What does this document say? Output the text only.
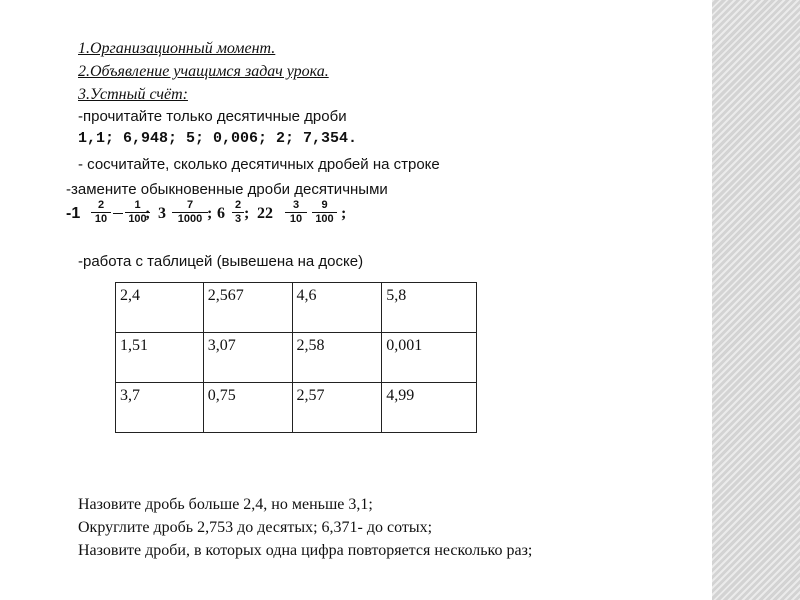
1.Организационный момент.
2.Объявление учащимся задач урока.
3.Устный счёт:
-прочитайте только десятичные дроби
1,1; 6,948; 5; 0,006; 2; 7,354.
- сосчитайте, сколько десятичных дробей на строке
-замените обыкновенные дроби десятичными
$-1 \frac{2}{10} \frac{1}{100}$
; $3 \frac{7}{1000}$ ; $6 \frac{2}{3}$ ; $22 \frac{3}{10} \frac{9}{100}$ ;
-работа с таблицей (вывешена на доске)
2,4	2,567	4,6	5,8
1,51	3,07	2,58	0,001
3,7	0,75	2,57	4,99
Назовите дробь больше 2,4, но меньше 3,1;
Округлите дробь 2,753 до десятых; 6,371- до сотых;
Назовите дроби, в которых одна цифра повторяется несколько раз;
